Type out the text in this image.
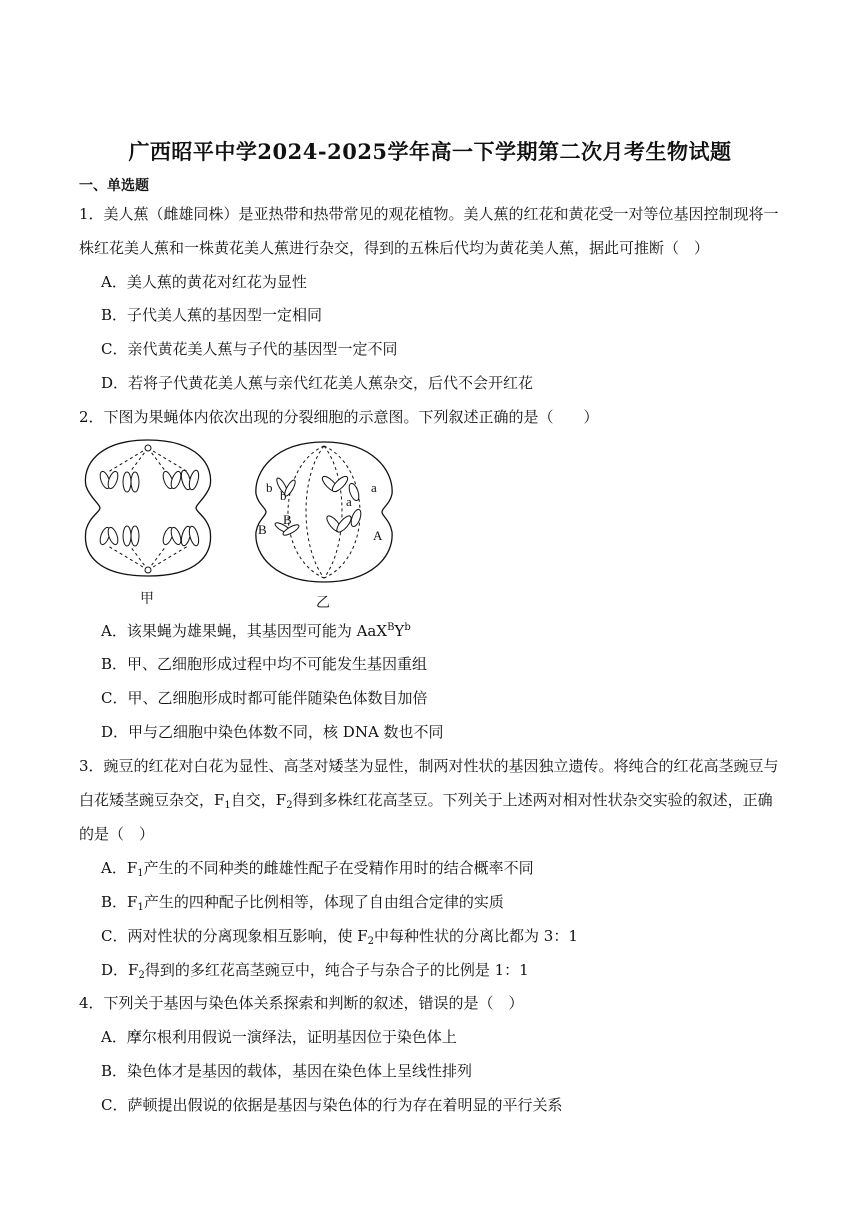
广西昭平中学2024-2025学年高一下学期第二次月考生物试题
一、单选题
1．美人蕉（雌雄同株）是亚热带和热带常见的观花植物。美人蕉的红花和黄花受一对等位基因控制现将一
株红花美人蕉和一株黄花美人蕉进行杂交，得到的五株后代均为黄花美人蕉，据此可推断（　）
A．美人蕉的黄花对红花为显性
B．子代美人蕉的基因型一定相同
C．亲代黄花美人蕉与子代的基因型一定不同
D．若将子代黄花美人蕉与亲代红花美人蕉杂交，后代不会开红花
2．下图为果蝇体内依次出现的分裂细胞的示意图。下列叙述正确的是（　　）
b
b
B
B
a
a
A
甲	乙
A．该果蝇为雄果蝇，其基因型可能为 $AaX^BY^b$
B．甲、乙细胞形成过程中均不可能发生基因重组
C．甲、乙细胞形成时都可能伴随染色体数目加倍
D．甲与乙细胞中染色体数不同，核 DNA 数也不同
3．豌豆的红花对白花为显性、高茎对矮茎为显性，制两对性状的基因独立遗传。将纯合的红花高茎豌豆与
白花矮茎豌豆杂交，$F_1$自交，$F_2$得到多株红花高茎豆。下列关于上述两对相对性状杂交实验的叙述，正确
的是（　）
A．$F_1$产生的不同种类的雌雄性配子在受精作用时的结合概率不同
B．$F_1$产生的四种配子比例相等，体现了自由组合定律的实质
C．两对性状的分离现象相互影响，使 $F_2$中每种性状的分离比都为 3：1
D．$F_2$得到的多红花高茎豌豆中，纯合子与杂合子的比例是 1：1
4．下列关于基因与染色体关系探索和判断的叙述，错误的是（　）
A．摩尔根利用假说一演绎法，证明基因位于染色体上
B．染色体才是基因的载体，基因在染色体上呈线性排列
C．萨顿提出假说的依据是基因与染色体的行为存在着明显的平行关系
